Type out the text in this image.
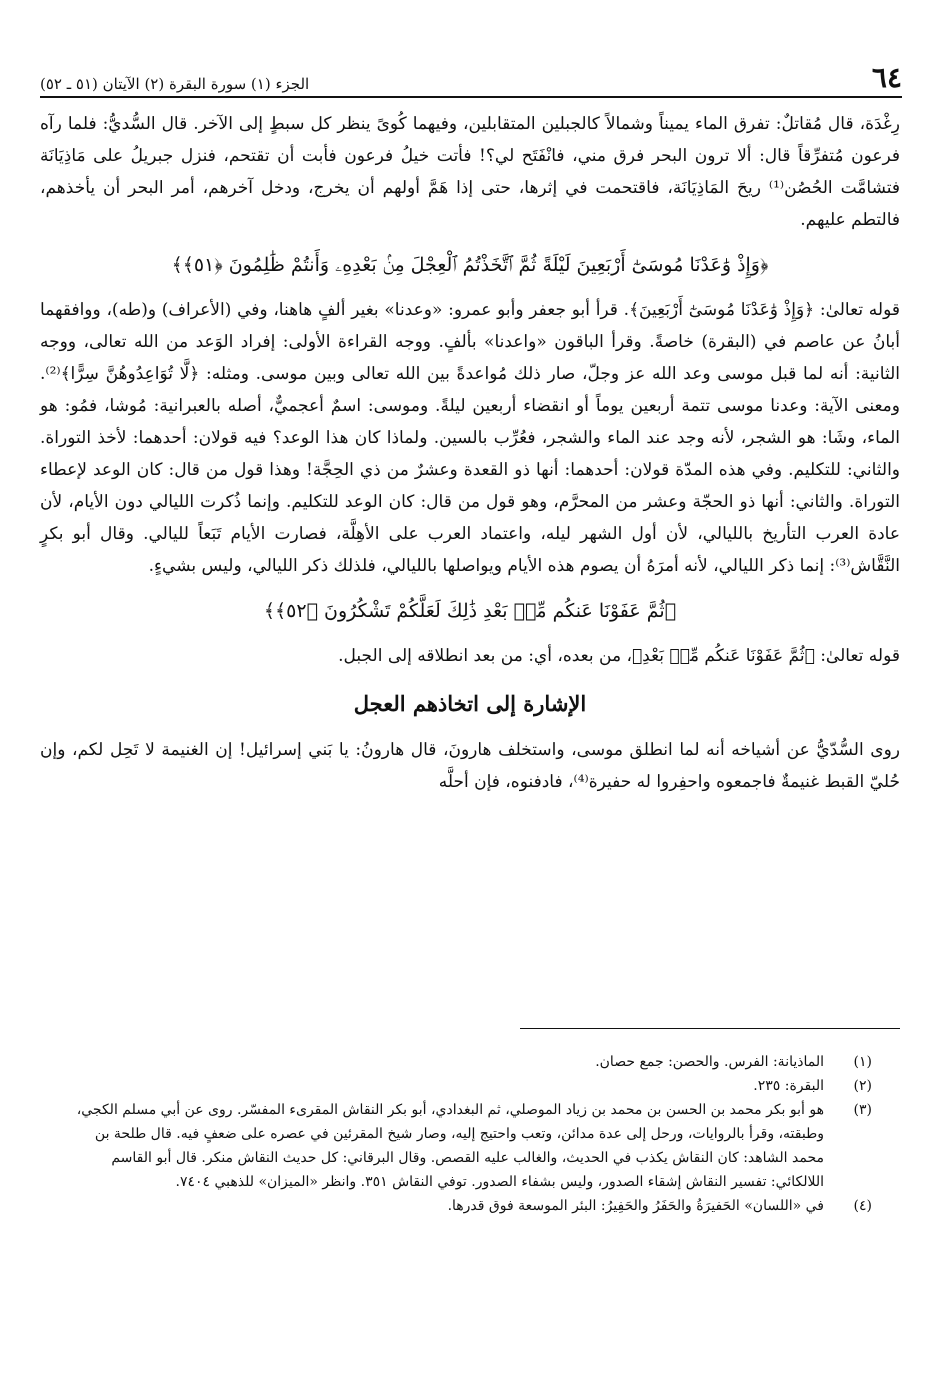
٦٤
الجزء (١) سورة البقرة (٢) الآيتان (٥١ ـ ٥٢)

رِغْدَة، قال مُقاتلٌ: تفرق الماء يميناً وشمالاً كالجبلين المتقابلين، وفيهما كُوىً ينظر كل سبطٍ إلى الآخر. قال السُّديُّ: فلما رآه فرعون مُتفرِّقاً قال: ألا ترون البحر فرق مني، فانْفَتَح لي؟! فأتت خيلُ فرعون فأبت أن تقتحم، فنزل جبريلُ على مَاذِيَانَة فتشامَّت الحُصُن⁽¹⁾ ريحَ المَاذِيَانَة، فاقتحمت في إثرها، حتى إذا هَمَّ أولهم أن يخرج، ودخل آخرهم، أمر البحر أن يأخذهم، فالتطم عليهم.

﴿وَإِذْ وَٰعَدْنَا مُوسَىٰٓ أَرْبَعِينَ لَيْلَةً ثُمَّ ٱتَّخَذْتُمُ ٱلْعِجْلَ مِنۢ بَعْدِهِۦ وَأَنتُمْ ظَٰلِمُونَ ﴿٥١﴾﴾

قوله تعالىٰ: ﴿وَإِذْ وَٰعَدْنَا مُوسَىٰٓ أَرْبَعِينَ﴾. قرأ أبو جعفر وأبو عمرو: «وعدنا» بغير ألفٍ هاهنا، وفي (الأعراف) و(طه)، ووافقهما أبانُ عن عاصم في (البقرة) خاصةً. وقرأ الباقون «واعدنا» بألفٍ. ووجه القراءة الأولى: إفراد الوَعد من الله تعالى، ووجه الثانية: أنه لما قبل موسى وعد الله عز وجلّ، صار ذلك مُواعدةً بين الله تعالى وبين موسى. ومثله: ﴿لَّا تُوَاعِدُوهُنَّ سِرًّا﴾⁽²⁾. ومعنى الآية: وعدنا موسى تتمة أربعين يوماً أو انقضاء أربعين ليلةً. وموسى: اسمٌ أعجميٌّ، أصله بالعبرانية: مُوشا، فمُو: هو الماء، وشَا: هو الشجر، لأنه وجد عند الماء والشجر، فعُرِّب بالسين. ولماذا كان هذا الوعد؟ فيه قولان: أحدهما: لأخذ التوراة. والثاني: للتكليم. وفي هذه المدّة قولان: أحدهما: أنها ذو القعدة وعشرٌ من ذي الحِجَّة! وهذا قول من قال: كان الوعد لإعطاء التوراة. والثاني: أنها ذو الحجّة وعشر من المحرَّم، وهو قول من قال: كان الوعد للتكليم. وإنما ذُكرت الليالي دون الأيام، لأن عادة العرب التأريخ بالليالي، لأن أول الشهر ليله، واعتماد العرب على الأهِلَّة، فصارت الأيام تَبَعاً لليالي. وقال أبو بكرٍ النَّقَّاش⁽³⁾: إنما ذكر الليالي، لأنه أمرَهُ أن يصوم هذه الأيام ويواصلها بالليالي، فلذلك ذكر الليالي، وليس بشيءٍ.

﴿ثُمَّ عَفَوْنَا عَنكُم مِّنۢ بَعْدِ ذَٰلِكَ لَعَلَّكُمْ تَشْكُرُونَ ﴿٥٢﴾﴾

قوله تعالىٰ: ﴿ثُمَّ عَفَوْنَا عَنكُم مِّنۢ بَعْدِ﴾، من بعده، أي: من بعد انطلاقه إلى الجبل.

الإشارة إلى اتخاذهم العجل

روى السُّدّيُّ عن أشياخه أنه لما انطلق موسى، واستخلف هارونَ، قال هارونُ: يا بَني إسرائيل! إن الغنيمة لا تَحِل لكم، وإن حُليّ القبط غنيمةٌ فاجمعوه واحفِروا له حفيرة⁽⁴⁾، فادفنوه، فإن أحلَّه

(١)
الماذيانة: الفرس. والحصن: جمع حصان.
(٢)
البقرة: ٢٣٥.
(٣)
هو أبو بكر محمد بن الحسن بن محمد بن زياد الموصلي، ثم البغدادي، أبو بكر النقاش المقرىء المفسّر. روى عن أبي مسلم الكجي، وطبقته، وقرأ بالروايات، ورحل إلى عدة مدائن، وتعب واحتيج إليه، وصار شيخ المقرئين في عصره على ضعفٍ فيه. قال طلحة بن محمد الشاهد: كان النقاش يكذب في الحديث، والغالب عليه القصص. وقال البرقاني: كل حديث النقاش منكر. قال أبو القاسم اللالكائي: تفسير النقاش إشقاء الصدور، وليس بشفاء الصدور. توفي النقاش ٣٥١. وانظر «الميزان» للذهبي ٧٤٠٤.
(٤)
في «اللسان» الحَفيرَةُ والحَفَرُ والحَفِيرُ: البئر الموسعة فوق قدرها.
